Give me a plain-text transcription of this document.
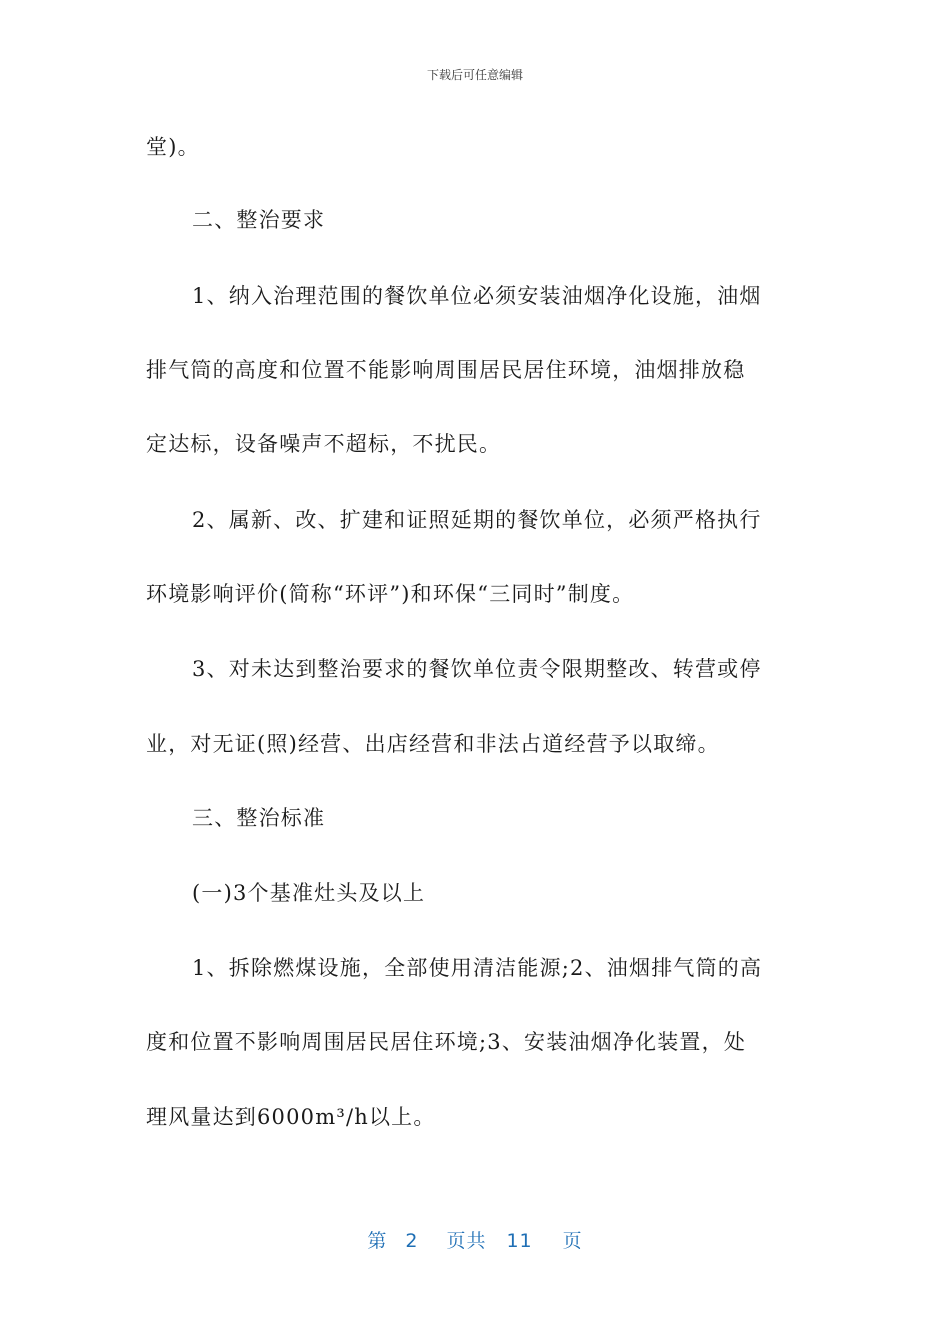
下载后可任意编辑
堂)。
二、整治要求
1、纳入治理范围的餐饮单位必须安装油烟净化设施，油烟
排气筒的高度和位置不能影响周围居民居住环境，油烟排放稳
定达标，设备噪声不超标，不扰民。
2、属新、改、扩建和证照延期的餐饮单位，必须严格执行
环境影响评价(简称“环评”)和环保“三同时”制度。
3、对未达到整治要求的餐饮单位责令限期整改、转营或停
业，对无证(照)经营、出店经营和非法占道经营予以取缔。
三、整治标准
(一)3个基准灶头及以上
1、拆除燃煤设施，全部使用清洁能源;2、油烟排气筒的高
度和位置不影响周围居民居住环境;3、安装油烟净化装置，处
理风量达到6000m³/h以上。
第 2 页共 11 页
